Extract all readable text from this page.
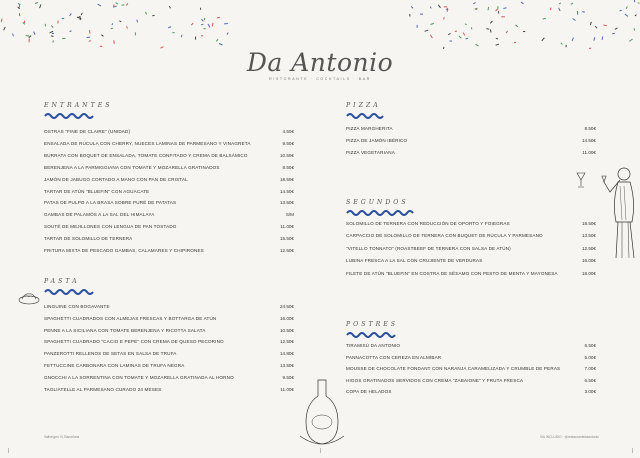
Da Antonio
RISTORANTE · COCKTAILS · BAR
ENTRANTES
OSTRAS "FINE DE CLAIRE" (UNIDAD)	4.50€
ENSALADA DE RUCULA CON CHERRY, NUECES LAMINAS DE PARMESANO Y VINAGRETA	9.50€
BURRATA CON BOQUET DE ENSALADA, TOMATE CONFITADO Y CREMA DE BALSÁMICO	10.50€
BERENJENA A LA PARMIGGIANA CON TOMATE Y MOZARELLA GRATINADOS	8.50€
JAMÓN DE JABUGO CORTADO A MANO CON PAN DE CRISTAL	18.50€
TARTAR DE ATÚN "BLUEFIN" CON AGUACATE	14.50€
PATAS DE PULPO A LA BRASA SOBRE PURÉ DE PATATAS	13.50€
GAMBAS DE PALAMÓS A LA SAL DEL HIMALAYA	S/M
SOUTÉ DE MEJILLONES CON LENGUA DE PAN TOSTADO	11.00€
TARTAR DE SOLOMILLO DE TERNERA	15.50€
FRITURA MIXTA DE PESCADO GAMBAS, CALAMARES Y CHIPIRONES	12.50€
PASTA
LINGUINE CON BOGAVANTE	24.50€
SPAGHETTI CUADRADOS CON ALMEJAS FRESCAS Y BOTTARGA DE ATÚN	16.00€
PENNE A LA SICILIANA CON TOMATE BERENJENA Y RICOTTA SALATA	10.50€
SPAGHETTI CUADRADO "CACIO E PEPE" CON CREMA DE QUESO PECORINO	12.50€
PANZEROTTI RELLENOS DE SETAS EN SALSA DE TRUFA	14.80€
FETTUCCINE CARBONARA CON LAMINAS DE TRUFA NEGRA	13.50€
GNOCCHI A LA SORRENTINA CON TOMATE Y MOZARELLA GRATINADA AL HORNO	9.50€
TAGLIATELLE AL PARMESANO CURADO 24 MESES	11.00€
PIZZA
PIZZA MARGHERITA	8.50€
PIZZA DE JAMÓN IBÉRICO	14.50€
PIZZA VEGETARIANA	11.00€
SEGUNDOS
SOLOMILLO DE TERNERA CON REDUCCIÓN DE OPORTO Y FOIEGRAS	18.50€
CARPACCIO DE SOLOMILLO DE TERNERA CON BUQUET DE RÚCULA Y PARMESANO	13.50€
"VITELLO TONNATO" (ROASTBEEF DE TERNERA CON SALSA DE ATÚN)	12.50€
LUBINA FRESCA A LA SAL CON CRUJIENTE DE VERDURAS	16.00€
FILETE DE ATÚN "BLUEFIN" EN COSTRA DE SÉSAMO CON PESTO DE MENTA Y MAYONESA	18.00€
POSTRES
TIRAMISÚ DA ANTONIO	6.50€
PANNACOTTA CON CEREZA EN ALMÍBAR	5.00€
MOUSSE DE CHOCOLATE FONDANT CON NARANJA CARAMELIZADA Y CRUMBLE DE PERAS	7.00€
HIGOS GRATINADOS SERVIDOS CON CREMA "ZABAIONE" Y FRUTA FRESCA	6.50€
COPA DE HELADOS	3.00€
Valhergen Vi, Barcelona	IVA INCLUIDO · @restaurantedaantonio
